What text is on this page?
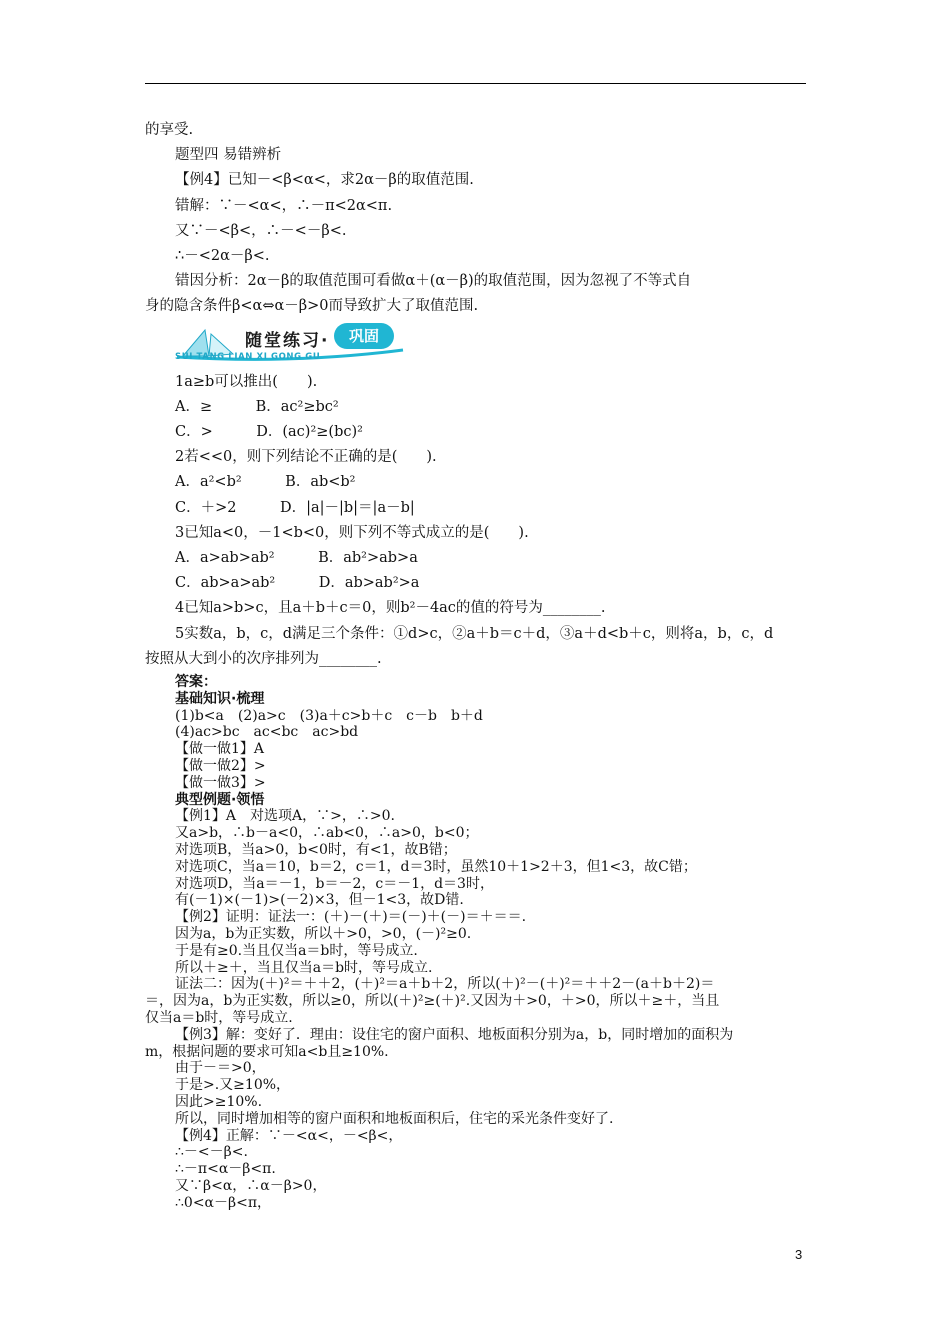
的享受.
题型四 易错辨析
【例4】已知－<β<α<，求2α－β的取值范围.
错解：∵－<α<，∴－π<2α<π.
又∵－<β<，∴－<－β<.
∴－<2α－β<.
错因分析：2α－β的取值范围可看做α＋(α－β)的取值范围，因为忽视了不等式自
身的隐含条件β<α⇔α－β>0而导致扩大了取值范围.
随堂练习·	巩固
SUI TANG LIAN XI GONG GU
1a≥b可以推出(　　).
A．≥　　　B．ac²≥bc²
C．>　　　D．(ac)²≥(bc)²
2若<<0，则下列结论不正确的是(　　).
A．a²<b²　　　B．ab<b²
C．＋>2　　　D．|a|－|b|＝|a－b|
3已知a<0，－1<b<0，则下列不等式成立的是(　　).
A．a>ab>ab²　　　B．ab²>ab>a
C．ab>a>ab²　　　D．ab>ab²>a
4已知a>b>c，且a＋b＋c＝0，则b²－4ac的值的符号为________.
5实数a，b，c，d满足三个条件：①d>c，②a＋b＝c＋d，③a＋d<b＋c，则将a，b，c，d
按照从大到小的次序排列为________.
答案：
基础知识·梳理
(1)b<a　(2)a>c　(3)a＋c>b＋c　c－b　b＋d
(4)ac>bc　ac<bc　ac>bd
【做一做1】A
【做一做2】>
【做一做3】>
典型例题·领悟
【例1】A　对选项A，∵>，∴>0.
又a>b，∴b－a<0，∴ab<0，∴a>0，b<0；
对选项B，当a>0，b<0时，有<1，故B错；
对选项C，当a＝10，b＝2，c＝1，d＝3时，虽然10＋1>2＋3，但1<3，故C错；
对选项D，当a＝－1，b＝－2，c＝－1，d＝3时，
有(－1)×(－1)>(－2)×3，但－1<3，故D错.
【例2】证明：证法一：(＋)－(＋)＝(－)＋(－)＝＋＝＝.
因为a，b为正实数，所以＋>0，>0，(－)²≥0.
于是有≥0.当且仅当a＝b时，等号成立.
所以＋≥＋，当且仅当a＝b时，等号成立.
证法二：因为(＋)²＝＋＋2，(＋)²＝a＋b＋2，所以(＋)²－(＋)²＝＋＋2－(a＋b＋2)＝
＝，因为a，b为正实数，所以≥0，所以(＋)²≥(＋)².又因为＋>0，＋>0，所以＋≥＋，当且
仅当a＝b时，等号成立.
【例3】解：变好了．理由：设住宅的窗户面积、地板面积分别为a，b，同时增加的面积为
m，根据问题的要求可知a<b且≥10%.
由于－＝>0，
于是>.又≥10%，
因此>≥10%.
所以，同时增加相等的窗户面积和地板面积后，住宅的采光条件变好了.
【例4】正解：∵－<α<，－<β<，
∴－<－β<.
∴－π<α－β<π.
又∵β<α，∴α－β>0，
∴0<α－β<π，
3
